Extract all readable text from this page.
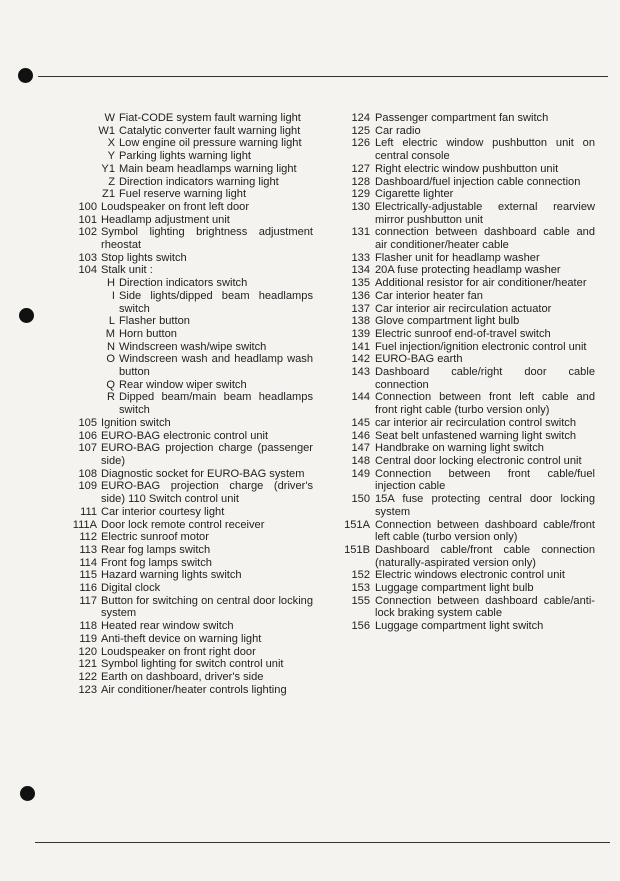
W Fiat-CODE system fault warning light
W1 Catalytic converter fault warning light
X Low engine oil pressure warning light
Y Parking lights warning light
Y1 Main beam headlamps warning light
Z Direction indicators warning light
Z1 Fuel reserve warning light
100 Loudspeaker on front left door
101 Headlamp adjustment unit
102 Symbol lighting brightness adjustment rheostat
103 Stop lights switch
104 Stalk unit :
H Direction indicators switch
I Side lights/dipped beam headlamps switch
L Flasher button
M Horn button
N Windscreen wash/wipe switch
O Windscreen wash and headlamp wash button
Q Rear window wiper switch
R Dipped beam/main beam headlamps switch
105 Ignition switch
106 EURO-BAG electronic control unit
107 EURO-BAG projection charge (passenger side)
108 Diagnostic socket for EURO-BAG system
109 EURO-BAG projection charge (driver's side) 110 Switch control unit
111 Car interior courtesy light
111A Door lock remote control receiver
112 Electric sunroof motor
113 Rear fog lamps switch
114 Front fog lamps switch
115 Hazard warning lights switch
116 Digital clock
117 Button for switching on central door locking system
118 Heated rear window switch
119 Anti-theft device on warning light
120 Loudspeaker on front right door
121 Symbol lighting for switch control unit
122 Earth on dashboard, driver's side
123 Air conditioner/heater controls lighting
124 Passenger compartment fan switch
125 Car radio
126 Left electric window pushbutton unit on central console
127 Right electric window pushbutton unit
128 Dashboard/fuel injection cable connection
129 Cigarette lighter
130 Electrically-adjustable external rearview mirror pushbutton unit
131 connection between dashboard cable and air conditioner/heater cable
133 Flasher unit for headlamp washer
134 20A fuse protecting headlamp washer
135 Additional resistor for air conditioner/heater
136 Car interior heater fan
137 Car interior air recirculation actuator
138 Glove compartment light bulb
139 Electric sunroof end-of-travel switch
141 Fuel injection/ignition electronic control unit
142 EURO-BAG earth
143 Dashboard cable/right door cable connection
144 Connection between front left cable and front right cable (turbo version only)
145 car interior air recirculation control switch
146 Seat belt unfastened warning light switch
147 Handbrake on warning light switch
148 Central door locking electronic control unit
149 Connection between front cable/fuel injection cable
150 15A fuse protecting central door locking system
151A Connection between dashboard cable/front left cable (turbo version only)
151B Dashboard cable/front cable connection (naturally-aspirated version only)
152 Electric windows electronic control unit
153 Luggage compartment light bulb
155 Connection between dashboard cable/anti-lock braking system cable
156 Luggage compartment light switch
